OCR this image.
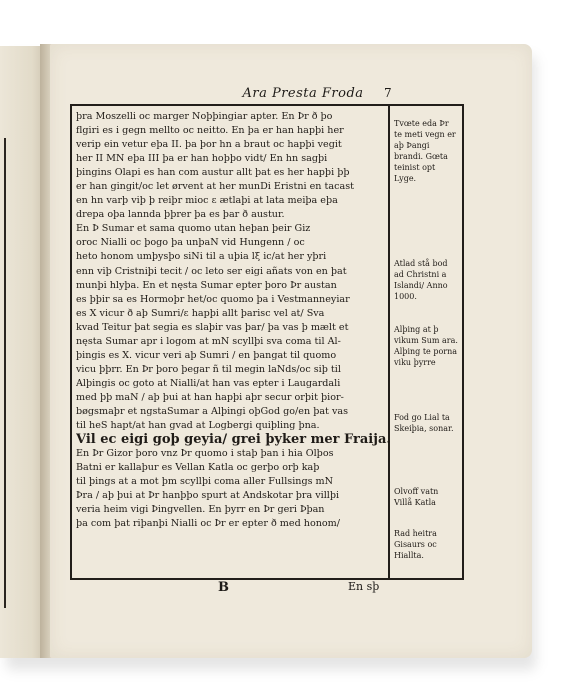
Ara Presta Froda	7
þra Moszelli oc marger Noþþingiar apter. En Þr ð þo
flgiri es i gegn mellto oc neitto. En þa er han hapþi her
verip ein vetur eþa II. þa þor hn a braut oc hapþi vegit
her II MN eþa III þa er han hoþþo vidt/ En hn sagþi
þingins Olapi es han com austur allt þat es her hapþi þþ
er han gingit/oc let ørvent at her munDi Eristni en tacast
en hn varþ viþ þ reiþr mioc ε ætlaþi at lata meiþa eþa
drepa oþa lannda þþrer þa es þar ð austur.
En Þ Sumar et sama quomo utan heþan þeir Giz
oroc Nialli oc þogo þa unþaN vid Hungenn / oc
heto honom umþysþo siNi til a uþia lξ ic/at her yþri
enn viþ Cristniþi tecit / oc leto ser eigi añats von en þat
munþi hlyþa. En et nęsta Sumar epter þoro Þr austan
es þþir sa es Hormoþr het/oc quomo þa i Vestmanneyiar
es X vicur ð aþ Sumri/ε hapþi allt þarisc vel at/ Sva
kvad Teitur þat segia es slaþir vas þar/ þa vas þ mælt et
nęsta Sumar apr i logom at mN scyllþi sva coma til Al-
þingis es X. vicur veri aþ Sumri / en þangat til quomo
vicu þþrr. En Þr þoro þegar ñ til megin laNds/oc siþ til
Alþingis oc goto at Nialli/at han vas epter i Laugardali
med þþ maN / aþ þui at han hapþi aþr secur orþit þior-
bøgsmaþr et ngstaSumar a Alþingi oþGod go/en þat vas
til heS hapt/at han gvad at Logbergi quiþling þna.
Vil ec eigi goþ geyia/ grei þyker mer Fraija.
En Þr Gizor þoro vnz Þr quomo i staþ þan i hia Olþos
Batni er kallaþur es Vellan Katla oc gerþo orþ kaþ
til þings at a mot þm scyllþi coma aller Fullsings mN
Þra / aþ þui at Þr hanþþo spurt at Andskotar þra villþi
veria heim vigi Þingvellen. En þyrr en Þr geri Þþan
þa com þat riþanþi Nialli oc Þr er epter ð med honom/
Tvœte eda Þr te meti vegn er aþ Þangi brandi. Gœta teinist opt Lyge.
Atlad stå bod ad Christni a Islandi/ Anno 1000.
Alþing at þ vikum Sum ara. Alþing te porna viku þyrre
Fod go Lial ta Skeiþia, sonar.
Olvoff vatn Villå Katla
Rad heitra Gisaurs oc Hiallta.
B	En sþ
